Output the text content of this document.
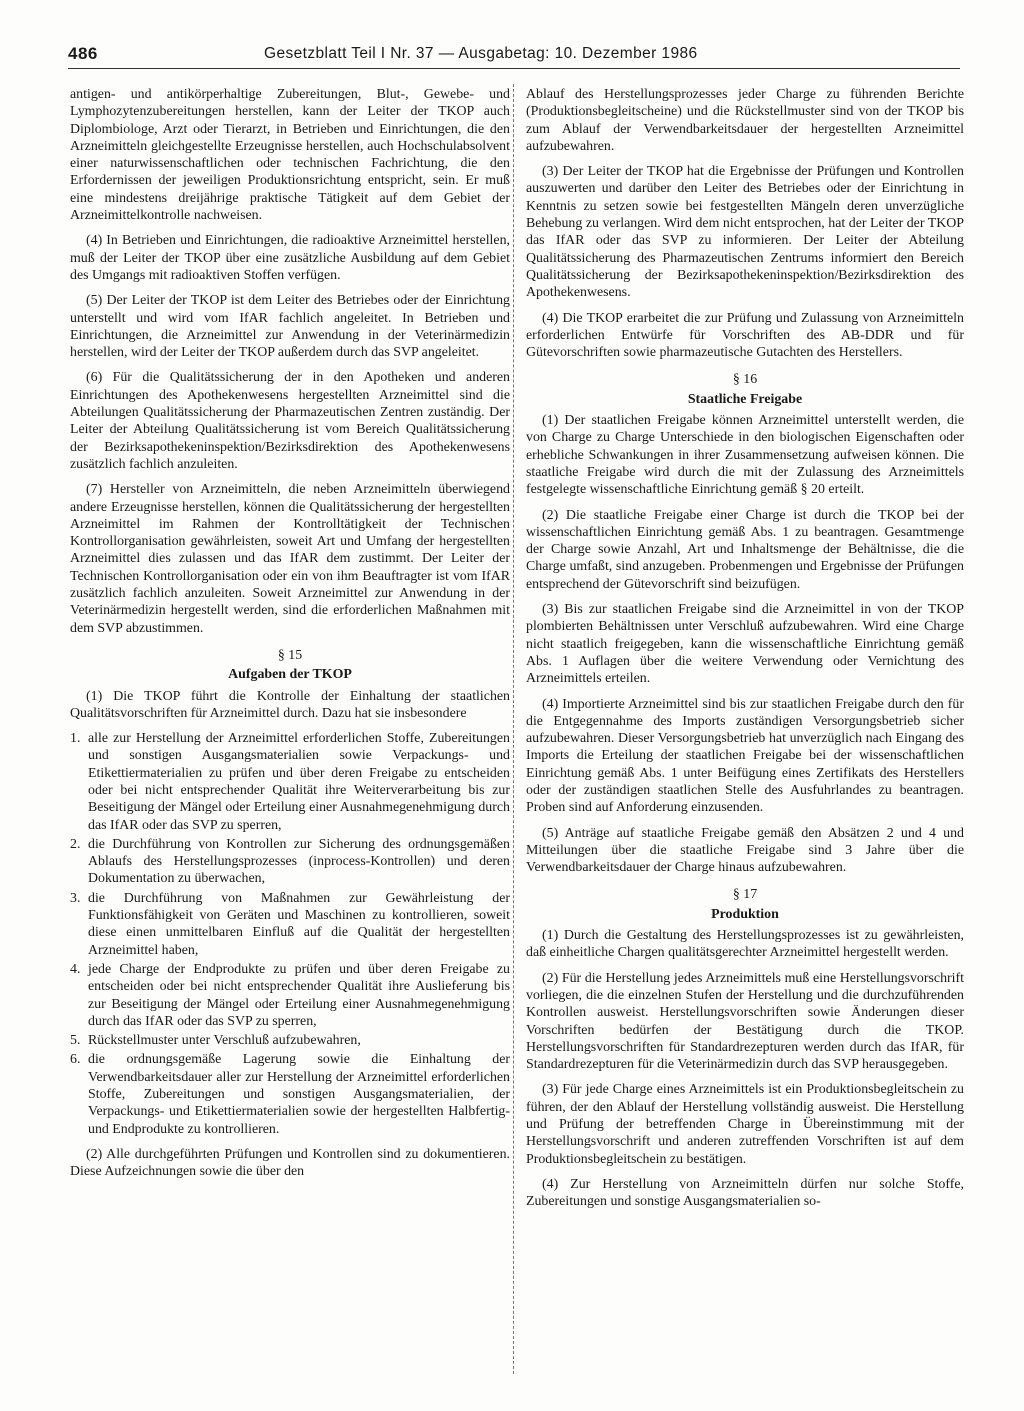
486	Gesetzblatt Teil I Nr. 37 — Ausgabetag: 10. Dezember 1986

antigen- und antikörperhaltige Zubereitungen, Blut-, Gewebe- und Lymphozytenzubereitungen herstellen, kann der Leiter der TKOP auch Diplombiologe, Arzt oder Tierarzt, in Betrieben und Einrichtungen, die den Arzneimitteln gleichgestellte Erzeugnisse herstellen, auch Hochschulabsolvent einer naturwissenschaftlichen oder technischen Fachrichtung, die den Erfordernissen der jeweiligen Produktionsrichtung entspricht, sein. Er muß eine mindestens dreijährige praktische Tätigkeit auf dem Gebiet der Arzneimittelkontrolle nachweisen.

(4) In Betrieben und Einrichtungen, die radioaktive Arzneimittel herstellen, muß der Leiter der TKOP über eine zusätzliche Ausbildung auf dem Gebiet des Umgangs mit radioaktiven Stoffen verfügen.

(5) Der Leiter der TKOP ist dem Leiter des Betriebes oder der Einrichtung unterstellt und wird vom IfAR fachlich angeleitet. In Betrieben und Einrichtungen, die Arzneimittel zur Anwendung in der Veterinärmedizin herstellen, wird der Leiter der TKOP außerdem durch das SVP angeleitet.

(6) Für die Qualitätssicherung der in den Apotheken und anderen Einrichtungen des Apothekenwesens hergestellten Arzneimittel sind die Abteilungen Qualitätssicherung der Pharmazeutischen Zentren zuständig. Der Leiter der Abteilung Qualitätssicherung ist vom Bereich Qualitätssicherung der Bezirksapothekeninspektion/Bezirksdirektion des Apothekenwesens zusätzlich fachlich anzuleiten.

(7) Hersteller von Arzneimitteln, die neben Arzneimitteln überwiegend andere Erzeugnisse herstellen, können die Qualitätssicherung der hergestellten Arzneimittel im Rahmen der Kontrolltätigkeit der Technischen Kontrollorganisation gewährleisten, soweit Art und Umfang der hergestellten Arzneimittel dies zulassen und das IfAR dem zustimmt. Der Leiter der Technischen Kontrollorganisation oder ein von ihm Beauftragter ist vom IfAR zusätzlich fachlich anzuleiten. Soweit Arzneimittel zur Anwendung in der Veterinärmedizin hergestellt werden, sind die erforderlichen Maßnahmen mit dem SVP abzustimmen.

§ 15
Aufgaben der TKOP

(1) Die TKOP führt die Kontrolle der Einhaltung der staatlichen Qualitätsvorschriften für Arzneimittel durch. Dazu hat sie insbesondere

1. alle zur Herstellung der Arzneimittel erforderlichen Stoffe, Zubereitungen und sonstigen Ausgangsmaterialien sowie Verpackungs- und Etikettiermaterialien zu prüfen und über deren Freigabe zu entscheiden oder bei nicht entsprechender Qualität ihre Weiterverarbeitung bis zur Beseitigung der Mängel oder Erteilung einer Ausnahmegenehmigung durch das IfAR oder das SVP zu sperren,
2. die Durchführung von Kontrollen zur Sicherung des ordnungsgemäßen Ablaufs des Herstellungsprozesses (inprocess-Kontrollen) und deren Dokumentation zu überwachen,
3. die Durchführung von Maßnahmen zur Gewährleistung der Funktionsfähigkeit von Geräten und Maschinen zu kontrollieren, soweit diese einen unmittelbaren Einfluß auf die Qualität der hergestellten Arzneimittel haben,
4. jede Charge der Endprodukte zu prüfen und über deren Freigabe zu entscheiden oder bei nicht entsprechender Qualität ihre Auslieferung bis zur Beseitigung der Mängel oder Erteilung einer Ausnahmegenehmigung durch das IfAR oder das SVP zu sperren,
5. Rückstellmuster unter Verschluß aufzubewahren,
6. die ordnungsgemäße Lagerung sowie die Einhaltung der Verwendbarkeitsdauer aller zur Herstellung der Arzneimittel erforderlichen Stoffe, Zubereitungen und sonstigen Ausgangsmaterialien, der Verpackungs- und Etikettiermaterialien sowie der hergestellten Halbfertig- und Endprodukte zu kontrollieren.

(2) Alle durchgeführten Prüfungen und Kontrollen sind zu dokumentieren. Diese Aufzeichnungen sowie die über den

Ablauf des Herstellungsprozesses jeder Charge zu führenden Berichte (Produktionsbegleitscheine) und die Rückstellmuster sind von der TKOP bis zum Ablauf der Verwendbarkeitsdauer der hergestellten Arzneimittel aufzubewahren.

(3) Der Leiter der TKOP hat die Ergebnisse der Prüfungen und Kontrollen auszuwerten und darüber den Leiter des Betriebes oder der Einrichtung in Kenntnis zu setzen sowie bei festgestellten Mängeln deren unverzügliche Behebung zu verlangen. Wird dem nicht entsprochen, hat der Leiter der TKOP das IfAR oder das SVP zu informieren. Der Leiter der Abteilung Qualitätssicherung des Pharmazeutischen Zentrums informiert den Bereich Qualitätssicherung der Bezirksapothekeninspektion/Bezirksdirektion des Apothekenwesens.

(4) Die TKOP erarbeitet die zur Prüfung und Zulassung von Arzneimitteln erforderlichen Entwürfe für Vorschriften des AB-DDR und für Gütevorschriften sowie pharmazeutische Gutachten des Herstellers.

§ 16
Staatliche Freigabe

(1) Der staatlichen Freigabe können Arzneimittel unterstellt werden, die von Charge zu Charge Unterschiede in den biologischen Eigenschaften oder erhebliche Schwankungen in ihrer Zusammensetzung aufweisen können. Die staatliche Freigabe wird durch die mit der Zulassung des Arzneimittels festgelegte wissenschaftliche Einrichtung gemäß § 20 erteilt.

(2) Die staatliche Freigabe einer Charge ist durch die TKOP bei der wissenschaftlichen Einrichtung gemäß Abs. 1 zu beantragen. Gesamtmenge der Charge sowie Anzahl, Art und Inhaltsmenge der Behältnisse, die die Charge umfaßt, sind anzugeben. Probenmengen und Ergebnisse der Prüfungen entsprechend der Gütevorschrift sind beizufügen.

(3) Bis zur staatlichen Freigabe sind die Arzneimittel in von der TKOP plombierten Behältnissen unter Verschluß aufzubewahren. Wird eine Charge nicht staatlich freigegeben, kann die wissenschaftliche Einrichtung gemäß Abs. 1 Auflagen über die weitere Verwendung oder Vernichtung des Arzneimittels erteilen.

(4) Importierte Arzneimittel sind bis zur staatlichen Freigabe durch den für die Entgegennahme des Imports zuständigen Versorgungsbetrieb sicher aufzubewahren. Dieser Versorgungsbetrieb hat unverzüglich nach Eingang des Imports die Erteilung der staatlichen Freigabe bei der wissenschaftlichen Einrichtung gemäß Abs. 1 unter Beifügung eines Zertifikats des Herstellers oder der zuständigen staatlichen Stelle des Ausfuhrlandes zu beantragen. Proben sind auf Anforderung einzusenden.

(5) Anträge auf staatliche Freigabe gemäß den Absätzen 2 und 4 und Mitteilungen über die staatliche Freigabe sind 3 Jahre über die Verwendbarkeitsdauer der Charge hinaus aufzubewahren.

§ 17
Produktion

(1) Durch die Gestaltung des Herstellungsprozesses ist zu gewährleisten, daß einheitliche Chargen qualitätsgerechter Arzneimittel hergestellt werden.

(2) Für die Herstellung jedes Arzneimittels muß eine Herstellungsvorschrift vorliegen, die die einzelnen Stufen der Herstellung und die durchzuführenden Kontrollen ausweist. Herstellungsvorschriften sowie Änderungen dieser Vorschriften bedürfen der Bestätigung durch die TKOP. Herstellungsvorschriften für Standardrezepturen werden durch das IfAR, für Standardrezepturen für die Veterinärmedizin durch das SVP herausgegeben.

(3) Für jede Charge eines Arzneimittels ist ein Produktionsbegleitschein zu führen, der den Ablauf der Herstellung vollständig ausweist. Die Herstellung und Prüfung der betreffenden Charge in Übereinstimmung mit der Herstellungsvorschrift und anderen zutreffenden Vorschriften ist auf dem Produktionsbegleitschein zu bestätigen.

(4) Zur Herstellung von Arzneimitteln dürfen nur solche Stoffe, Zubereitungen und sonstige Ausgangsmaterialien so-
